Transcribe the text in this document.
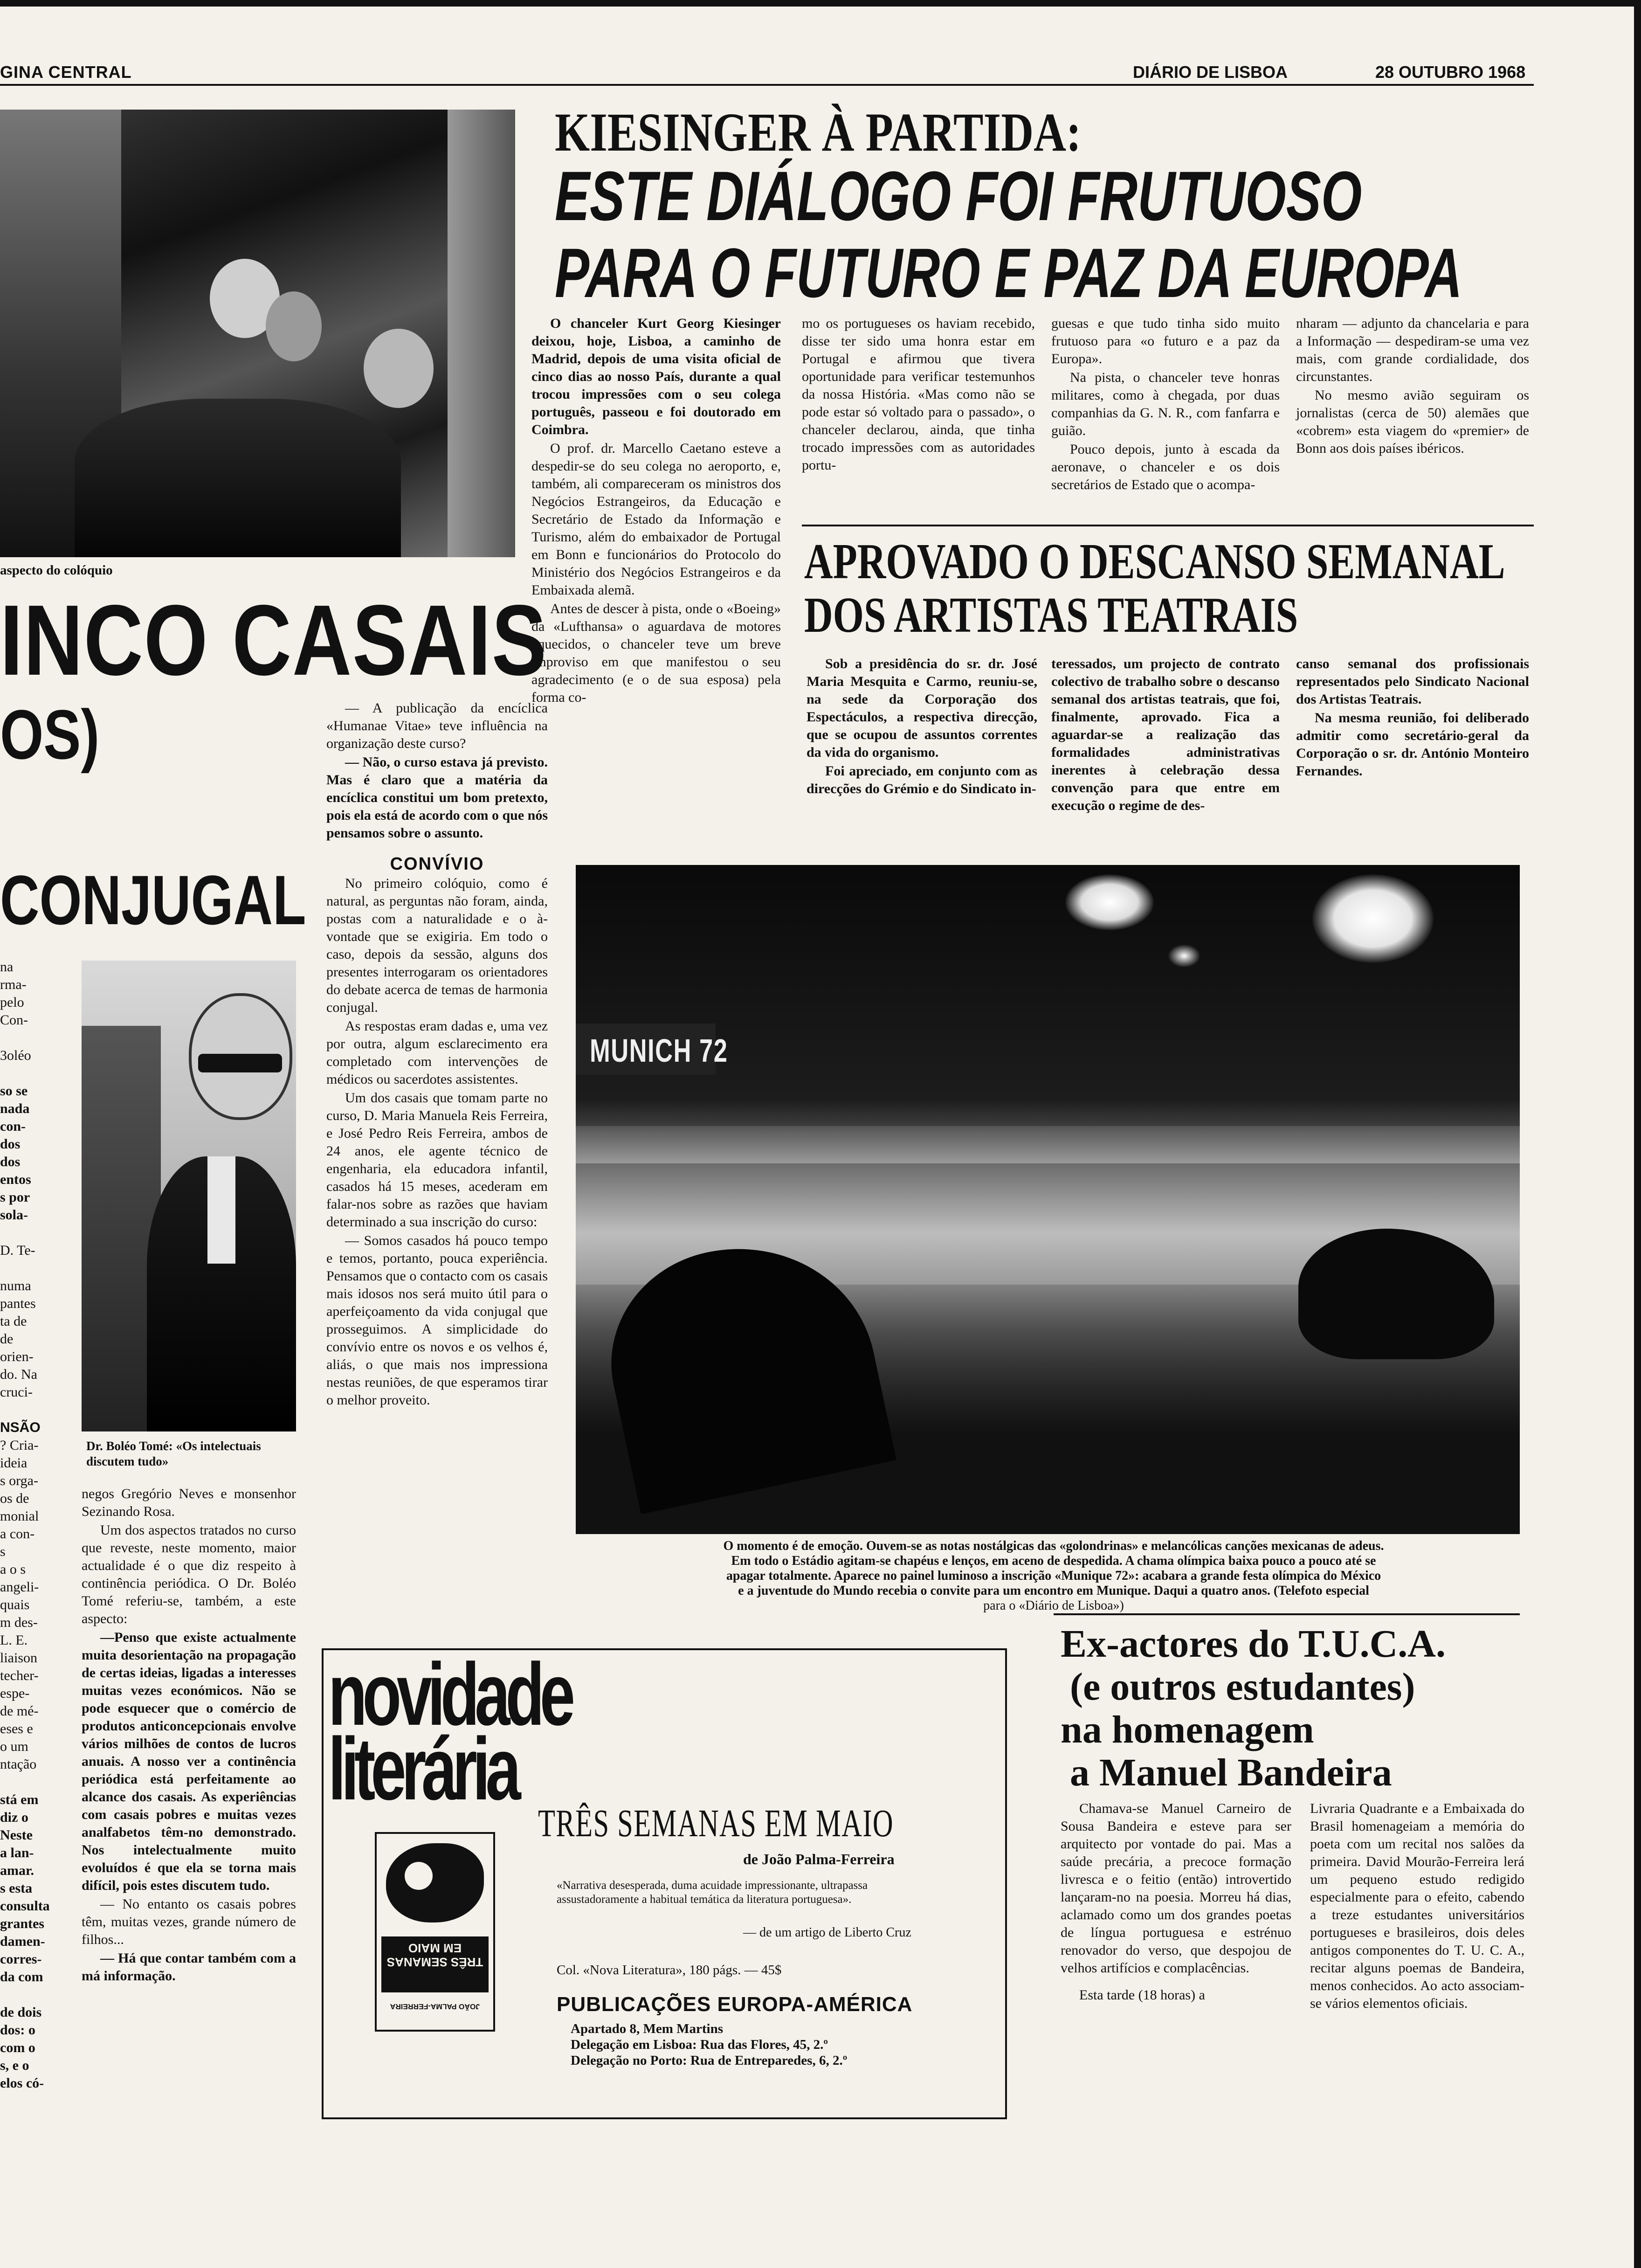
GINA CENTRAL	DIÁRIO DE LISBOA	28 OUTUBRO 1968
aspecto do colóquio
INCO CASAIS
OS)
CONJUGAL
na
rma-
pelo
Con-

3oléo

so se
nada
con-
dos
dos
entos
s por
sola-

D. Te-

numa
pantes
ta de
de
orien-
do. Na
cruci-

NSÃO
? Cria-
ideia
s orga-
os de
monial
a con-
s
a o s
angeli-
quais
m des-
L. E.
liaison
techer-
espe-
de mé-
eses e
o um
ntação

stá em
diz o
Neste
a lan-
amar.
s esta
consulta
grantes
damen-
corres-
da com

de dois
dos: o
com o
s, e o
elos có-
Dr. Boléo Tomé: «Os intelectuais discutem tudo»

— A publicação da encíclica «Humanae Vitae» teve influência na organização deste curso?

— Não, o curso estava já previsto. Mas é claro que a matéria da encíclica constitui um bom pretexto, pois ela está de acordo com o que nós pensamos sobre o assunto.

CONVÍVIO

No primeiro colóquio, como é natural, as perguntas não foram, ainda, postas com a naturalidade e o à-vontade que se exigiria. Em todo o caso, depois da sessão, alguns dos presentes interrogaram os orientadores do debate acerca de temas de harmonia conjugal.

As respostas eram dadas e, uma vez por outra, algum esclarecimento era completado com intervenções de médicos ou sacerdotes assistentes.

Um dos casais que tomam parte no curso, D. Maria Manuela Reis Ferreira, e José Pedro Reis Ferreira, ambos de 24 anos, ele agente técnico de engenharia, ela educadora infantil, casados há 15 meses, acederam em falar-nos sobre as razões que haviam determinado a sua inscrição do curso:

— Somos casados há pouco tempo e temos, portanto, pouca experiência. Pensamos que o contacto com os casais mais idosos nos será muito útil para o aperfeiçoamento da vida conjugal que prosseguimos. A simplicidade do convívio entre os novos e os velhos é, aliás, o que mais nos impressiona nestas reuniões, de que esperamos tirar o melhor proveito.

negos Gregório Neves e monsenhor Sezinando Rosa.

Um dos aspectos tratados no curso que reveste, neste momento, maior actualidade é o que diz respeito à continência periódica. O Dr. Boléo Tomé referiu-se, também, a este aspecto:

—Penso que existe actualmente muita desorientação na propagação de certas ideias, ligadas a interesses muitas vezes económicos. Não se pode esquecer que o comércio de produtos anticoncepcionais envolve vários milhões de contos de lucros anuais. A nosso ver a continência periódica está perfeitamente ao alcance dos casais. As experiências com casais pobres e muitas vezes analfabetos têm-no demonstrado. Nos intelectualmente muito evoluídos é que ela se torna mais difícil, pois estes discutem tudo.

— No entanto os casais pobres têm, muitas vezes, grande número de filhos...

— Há que contar também com a má informação.

KIESINGER À PARTIDA:
ESTE DIÁLOGO FOI FRUTUOSO
PARA O FUTURO E PAZ DA EUROPA

O chanceler Kurt Georg Kiesinger deixou, hoje, Lisboa, a caminho de Madrid, depois de uma visita oficial de cinco dias ao nosso País, durante a qual trocou impressões com o seu colega português, passeou e foi doutorado em Coimbra.

O prof. dr. Marcello Caetano esteve a despedir-se do seu colega no aeroporto, e, também, ali compareceram os ministros dos Negócios Estrangeiros, da Educação e Secretário de Estado da Informação e Turismo, além do embaixador de Portugal em Bonn e funcionários do Protocolo do Ministério dos Negócios Estrangeiros e da Embaixada alemã.

Antes de descer à pista, onde o «Boeing» da «Lufthansa» o aguardava de motores aquecidos, o chanceler teve um breve improviso em que manifestou o seu agradecimento (e o de sua esposa) pela forma co-

mo os portugueses os haviam recebido, disse ter sido uma honra estar em Portugal e afirmou que tivera oportunidade para verificar testemunhos da nossa História. «Mas como não se pode estar só voltado para o passado», o chanceler declarou, ainda, que tinha trocado impressões com as autoridades portu-

guesas e que tudo tinha sido muito frutuoso para «o futuro e a paz da Europa».

Na pista, o chanceler teve honras militares, como à chegada, por duas companhias da G. N. R., com fanfarra e guião.

Pouco depois, junto à escada da aeronave, o chanceler e os dois secretários de Estado que o acompa-

nharam — adjunto da chancelaria e para a Informação — despediram-se uma vez mais, com grande cordialidade, dos circunstantes.

No mesmo avião seguiram os jornalistas (cerca de 50) alemães que «cobrem» esta viagem do «premier» de Bonn aos dois países ibéricos.

APROVADO O DESCANSO SEMANAL
DOS ARTISTAS TEATRAIS

Sob a presidência do sr. dr. José Maria Mesquita e Carmo, reuniu-se, na sede da Corporação dos Espectáculos, a respectiva direcção, que se ocupou de assuntos correntes da vida do organismo.

Foi apreciado, em conjunto com as direcções do Grémio e do Sindicato in-

teressados, um projecto de contrato colectivo de trabalho sobre o descanso semanal dos artistas teatrais, que foi, finalmente, aprovado. Fica a aguardar-se a realização das formalidades administrativas inerentes à celebração dessa convenção para que entre em execução o regime de des-

canso semanal dos profissionais representados pelo Sindicato Nacional dos Artistas Teatrais.

Na mesma reunião, foi deliberado admitir como secretário-geral da Corporação o sr. dr. António Monteiro Fernandes.

MUNICH 72
O momento é de emoção. Ouvem-se as notas nostálgicas das «golondrinas» e melancólicas canções mexicanas de adeus.
Em todo o Estádio agitam-se chapéus e lenços, em aceno de despedida. A chama olímpica baixa pouco a pouco até se
apagar totalmente. Aparece no painel luminoso a inscrição «Munique 72»: acabara a grande festa olímpica do México
e a juventude do Mundo recebia o convite para um encontro em Munique. Daqui a quatro anos. (Telefoto especial
para o «Diário de Lisboa»)
novidade
literária
TRÊS SEMANAS EM MAIO
JOÃO PALMA-FERREIRA
TRÊS SEMANAS EM MAIO
de João Palma-Ferreira
«Narrativa desesperada, duma acuidade impressionante, ultrapassa assustadoramente a habitual temática da literatura portuguesa».
— de um artigo de Liberto Cruz
Col. «Nova Literatura», 180 págs. — 45$
PUBLICAÇÕES EUROPA-AMÉRICA
Apartado 8, Mem Martins
Delegação em Lisboa: Rua das Flores, 45, 2.º
Delegação no Porto: Rua de Entreparedes, 6, 2.º
Ex-actores do T.U.C.A.
(e outros estudantes)
na homenagem
a Manuel Bandeira

Chamava-se Manuel Carneiro de Sousa Bandeira e esteve para ser arquitecto por vontade do pai. Mas a saúde precária, a precoce formação livresca e o feitio (então) introvertido lançaram-no na poesia. Morreu há dias, aclamado como um dos grandes poetas de língua portuguesa e estrénuo renovador do verso, que despojou de velhos artifícios e complacências.

Esta tarde (18 horas) a

Livraria Quadrante e a Embaixada do Brasil homenageiam a memória do poeta com um recital nos salões da primeira. David Mourão-Ferreira lerá um pequeno estudo redigido especialmente para o efeito, cabendo a treze estudantes universitários portugueses e brasileiros, dois deles antigos componentes do T. U. C. A., recitar alguns poemas de Bandeira, menos conhecidos. Ao acto associam-se vários elementos oficiais.
